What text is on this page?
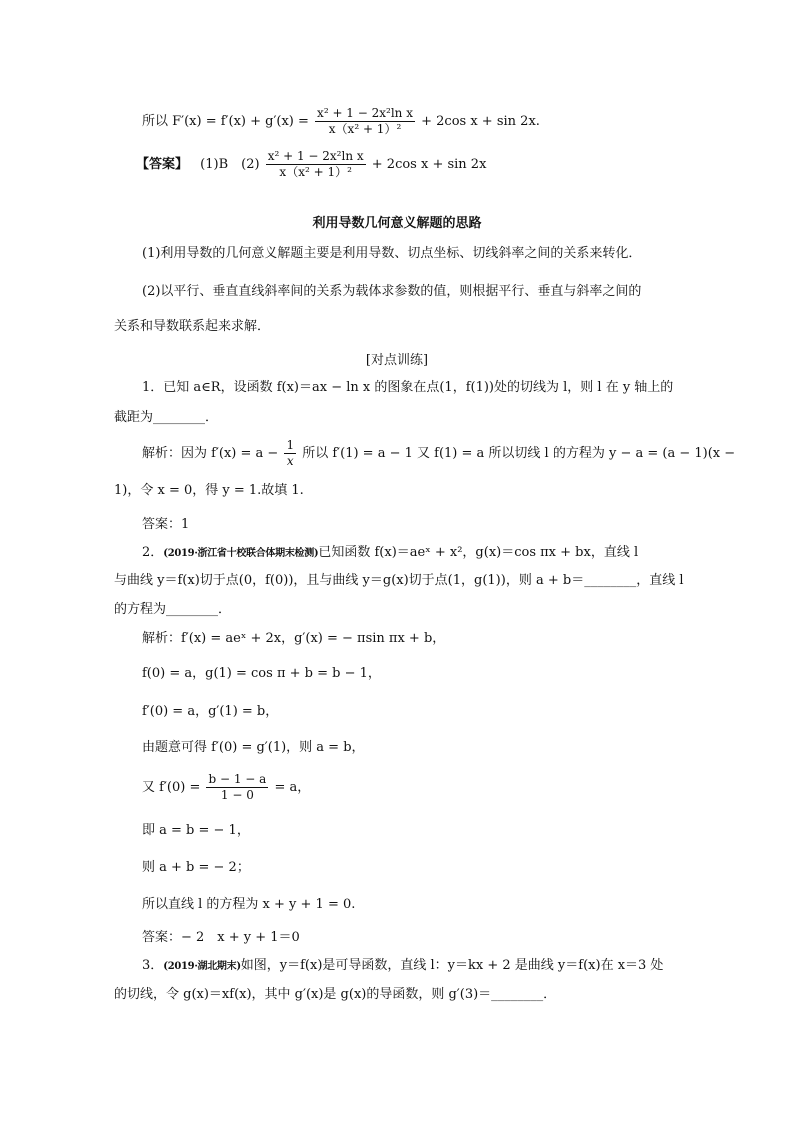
所以 $F'(x) = f'(x) + g'(x) = \frac{\text{x² + 1 − 2x²ln x}}{\text{x（x² + 1）²}} + 2\cos$ x + sin 2x.
【答案】 (1)B　$(2) \frac{\text{x² + 1 − 2x²ln x}}{\text{x（x² + 1）²}} + 2\cos$ x + sin 2x
利用导数几何意义解题的思路
(1)利用导数的几何意义解题主要是利用导数、切点坐标、切线斜率之间的关系来转化．
(2)以平行、垂直直线斜率间的关系为载体求参数的值，则根据平行、垂直与斜率之间的
关系和导数联系起来求解．
[对点训练]
1．已知 a∈R，设函数 f(x)＝ax − ln x 的图象在点(1，f(1))处的切线为 l，则 l 在 y 轴上的
截距为________．
解析：因为 $f'(x) = a - \frac{1}{x}$ 所以 f′(1) = a − 1 又 f(1) = a 所以切线 l 的方程为 y − a = (a − 1)(x −
1)，令 x = 0，得 y = 1.故填 1.
答案：1
2．(2019·浙江省十校联合体期末检测)已知函数 f(x)＝aeˣ + x²，g(x)＝cos πx + bx，直线 l
与曲线 y＝f(x)切于点(0，f(0))，且与曲线 y＝g(x)切于点(1，g(1))，则 a + b＝________，直线 l
的方程为________．
解析：f′(x) = aeˣ + 2x，g′(x) = − πsin πx + b，
f(0) = a，g(1) = cos π + b = b − 1，
f′(0) = a，g′(1) = b，
由题意可得 f′(0) = g′(1)，则 a = b，
又 $f'(0) = \frac{b - 1 - a}{1 - 0} = a$，
即 a = b = − 1，
则 a + b = − 2；
所以直线 l 的方程为 x + y + 1 = 0.
答案：− 2　x + y + 1＝0
3．(2019·湖北期末)如图，y＝f(x)是可导函数，直线 l：y＝kx + 2 是曲线 y＝f(x)在 x＝3 处
的切线，令 g(x)＝xf(x)，其中 g′(x)是 g(x)的导函数，则 g′(3)＝________．
